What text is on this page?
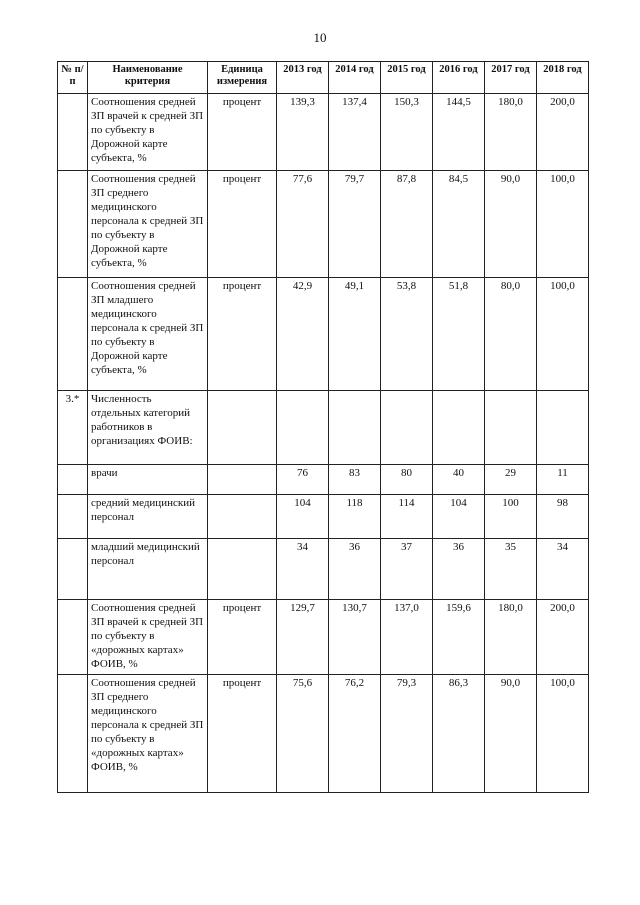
10
№ п/п	Наименование критерия	Единица измерения	2013 год	2014 год	2015 год	2016 год	2017 год	2018 год
	Соотношения средней ЗП врачей к средней ЗП по субъекту в Дорожной карте субъекта, %	процент	139,3	137,4	150,3	144,5	180,0	200,0
	Соотношения средней ЗП среднего медицинского персонала к средней ЗП по субъекту в Дорожной карте субъекта, %	процент	77,6	79,7	87,8	84,5	90,0	100,0
	Соотношения средней ЗП младшего медицинского персонала к средней ЗП по субъекту в Дорожной карте субъекта, %	процент	42,9	49,1	53,8	51,8	80,0	100,0
3.*	Численность отдельных категорий работников в организациях ФОИВ:							
	врачи		76	83	80	40	29	11
	средний медицинский персонал		104	118	114	104	100	98
	младший медицинский персонал		34	36	37	36	35	34
	Соотношения средней ЗП врачей к средней ЗП по субъекту в «дорожных картах» ФОИВ, %	процент	129,7	130,7	137,0	159,6	180,0	200,0
	Соотношения средней ЗП среднего медицинского персонала к средней ЗП по субъекту в «дорожных картах» ФОИВ, %	процент	75,6	76,2	79,3	86,3	90,0	100,0
